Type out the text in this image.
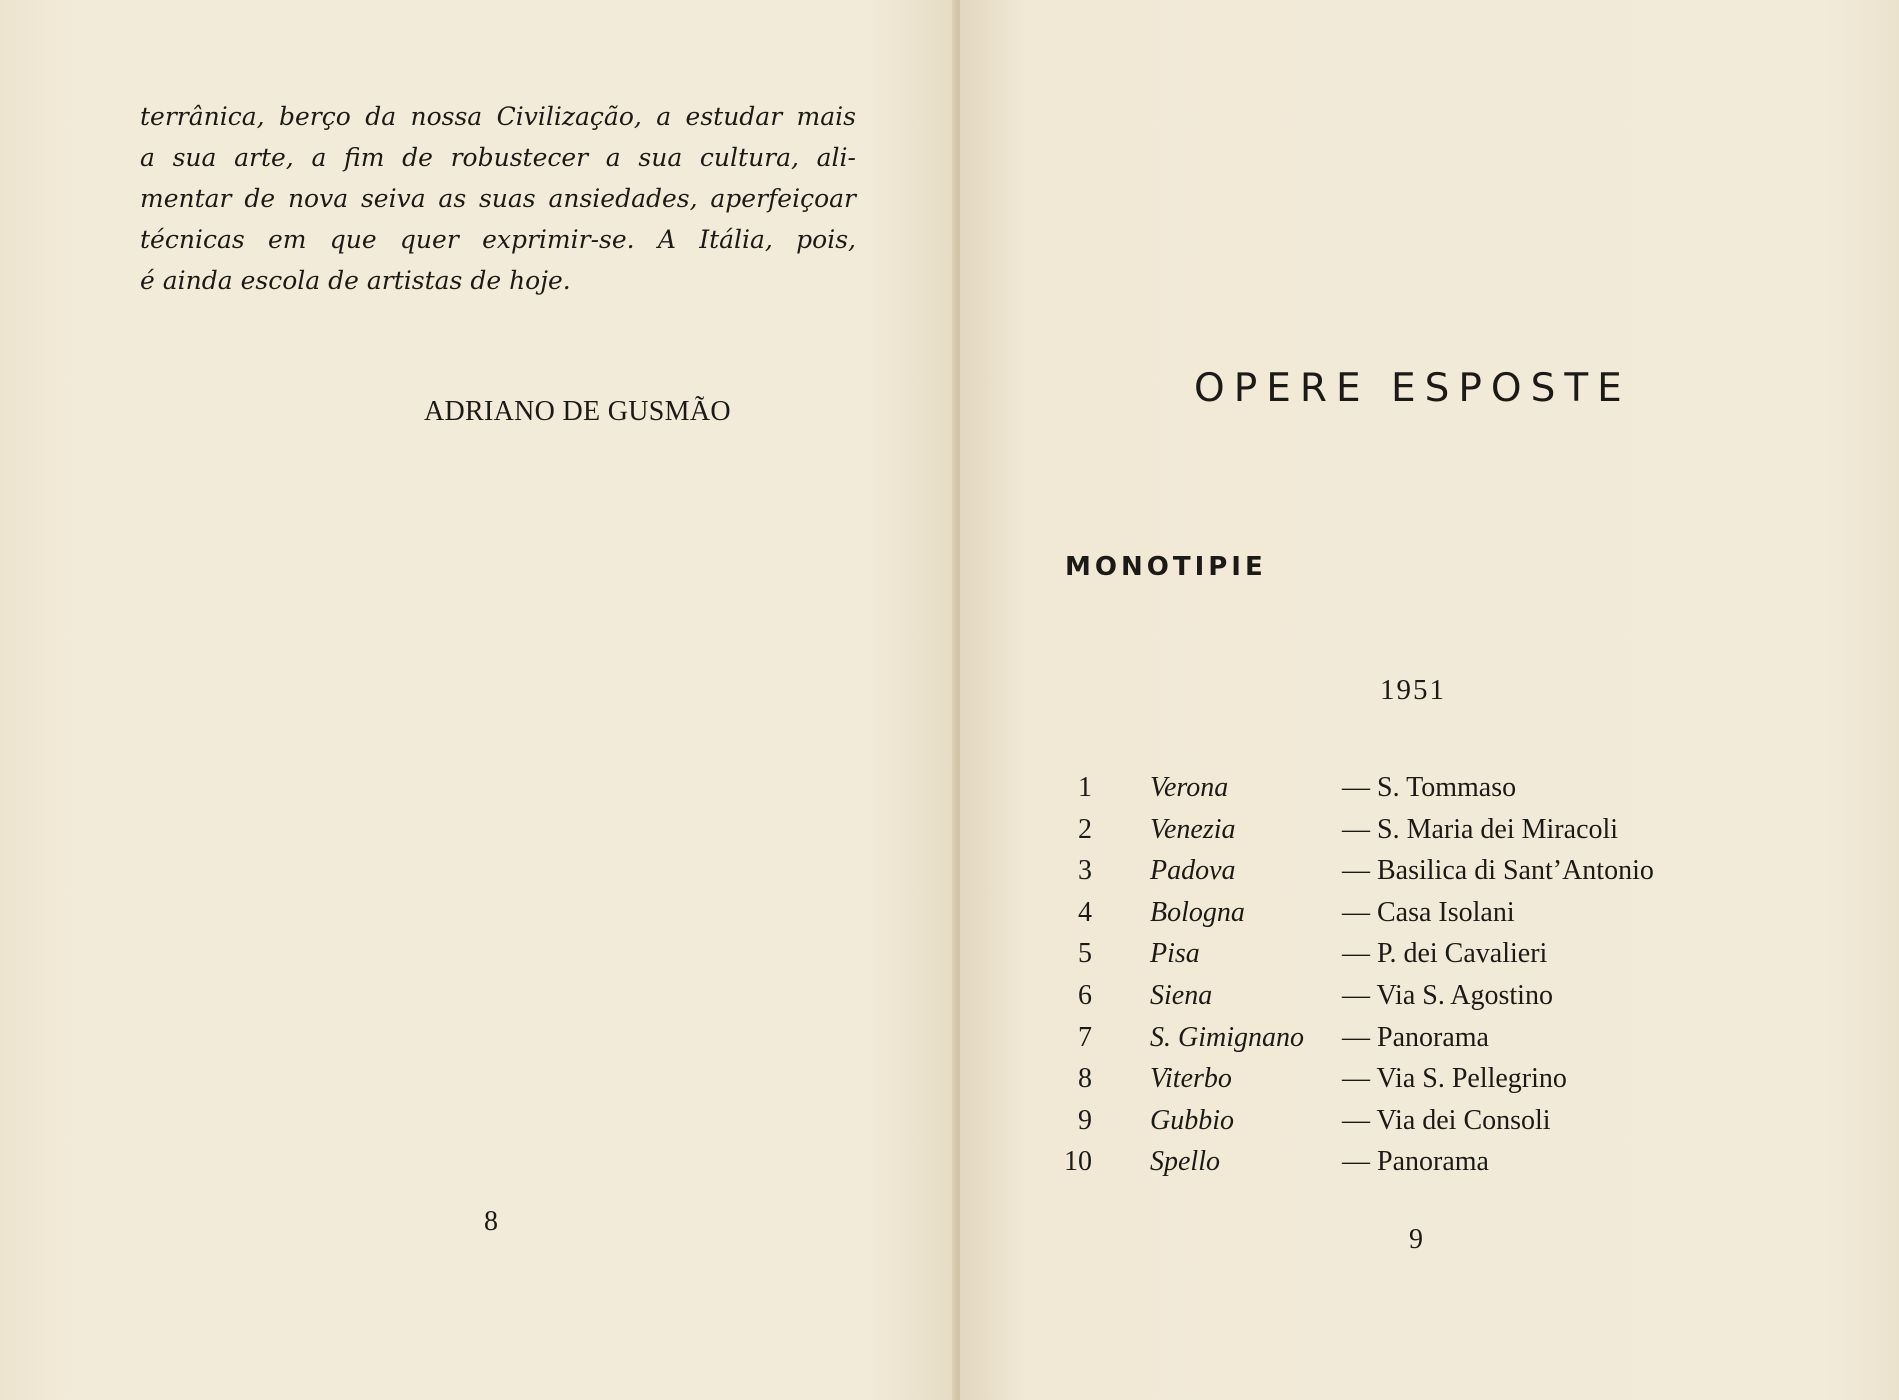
terrânica, berço da nossa Civilização, a estudar mais
a sua arte, a fim de robustecer a sua cultura, ali-
mentar de nova seiva as suas ansiedades, aperfeiçoar
técnicas em que quer exprimir-se. A Itália, pois,
é ainda escola de artistas de hoje.
ADRIANO DE GUSMÃO
8
OPERE ESPOSTE
MONOTIPIE
1951
1 Verona	— S. Tommaso
2 Venezia	— S. Maria dei Miracoli
3 Padova	— Basilica di Sant’Antonio
4 Bologna	— Casa Isolani
5 Pisa	— P. dei Cavalieri
6 Siena	— Via S. Agostino
7 S. Gimignano — Panorama
8 Viterbo	— Via S. Pellegrino
9 Gubbio	— Via dei Consoli
10 Spello	— Panorama
9
